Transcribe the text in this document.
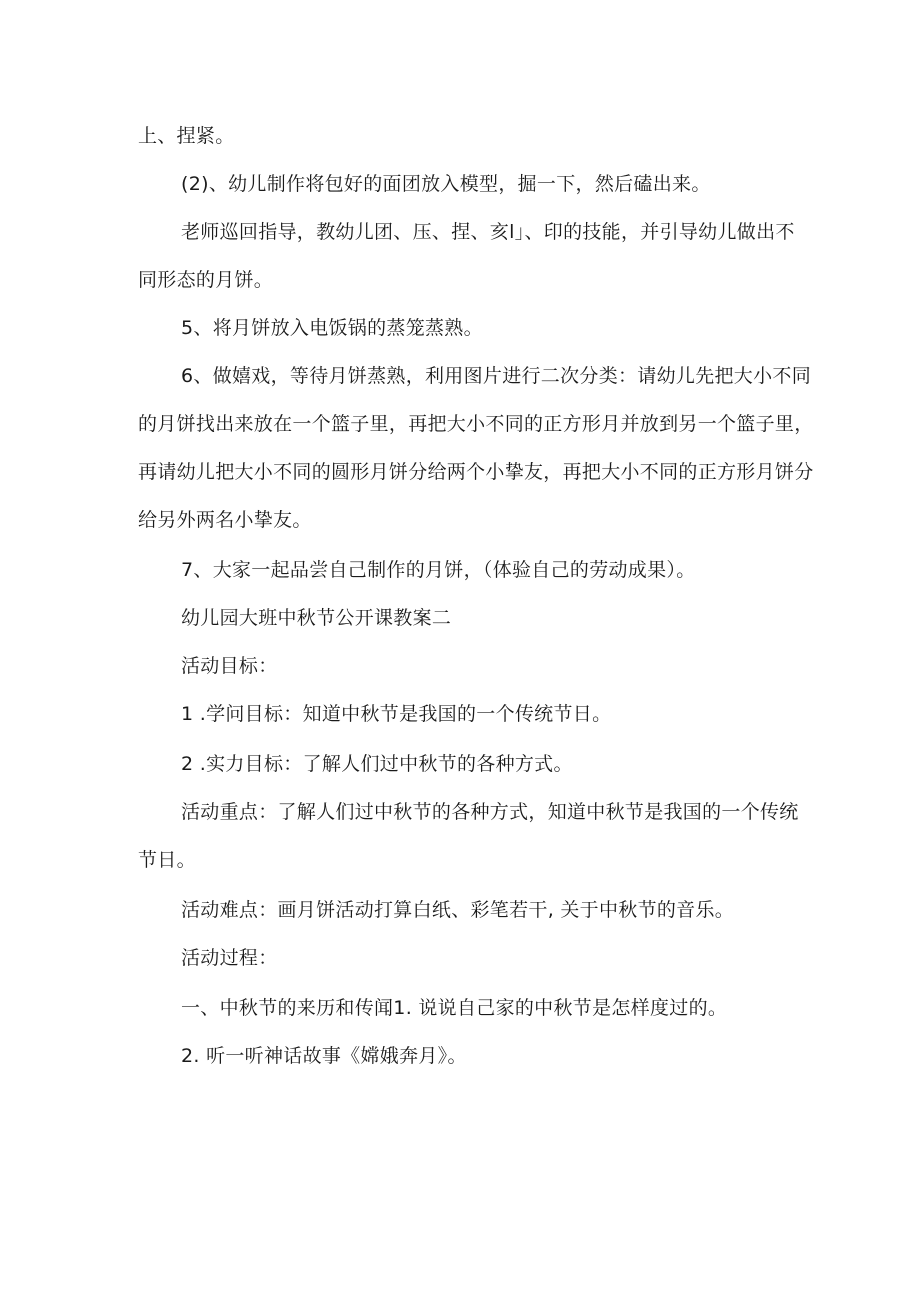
上、捏紧。
(2)、幼儿制作将包好的面团放入模型，掘一下，然后磕出来。
老师巡回指导，教幼儿团、压、捏、亥l」、印的技能，并引导幼儿做出不
同形态的月饼。
5、将月饼放入电饭锅的蒸笼蒸熟。
6、做嬉戏，等待月饼蒸熟，利用图片进行二次分类：请幼儿先把大小不同
的月饼找出来放在一个篮子里，再把大小不同的正方形月并放到另一个篮子里，
再请幼儿把大小不同的圆形月饼分给两个小挚友，再把大小不同的正方形月饼分
给另外两名小挚友。
7、大家一起品尝自己制作的月饼，（体验自己的劳动成果）。
幼儿园大班中秋节公开课教案二
活动目标：
1 .学问目标：知道中秋节是我国的一个传统节日。
2 .实力目标：了解人们过中秋节的各种方式。
活动重点：了解人们过中秋节的各种方式，知道中秋节是我国的一个传统
节日。
活动难点：画月饼活动打算白纸、彩笔若干, 关于中秋节的音乐。
活动过程：
一、中秋节的来历和传闻1. 说说自己家的中秋节是怎样度过的。
2. 听一听神话故事《嫦娥奔月》。
